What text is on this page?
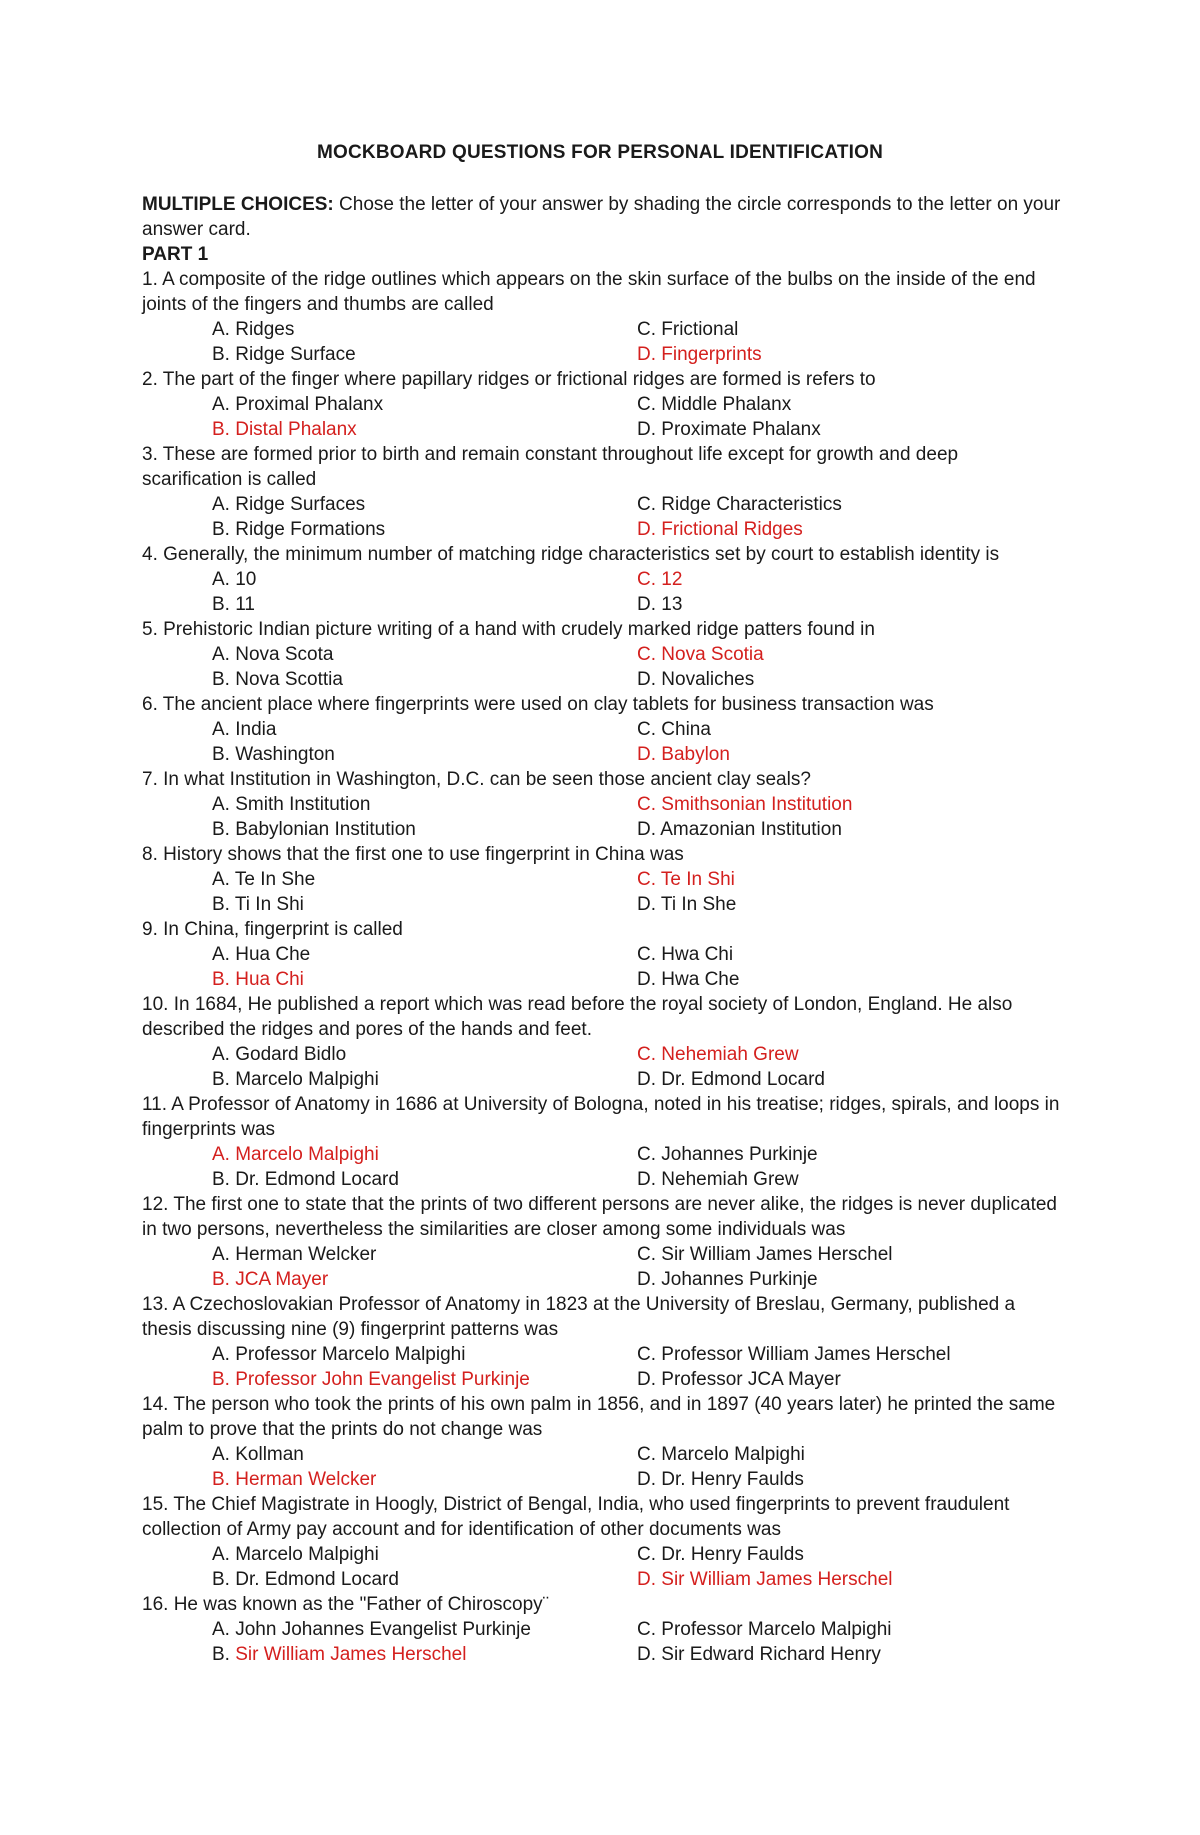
MOCKBOARD QUESTIONS FOR PERSONAL IDENTIFICATION

MULTIPLE CHOICES: Chose the letter of your answer by shading the circle corresponds to the letter on your answer card.

PART 1

1. A composite of the ridge outlines which appears on the skin surface of the bulbs on the inside of the end joints of the fingers and thumbs are called

A. Ridges	C. Frictional
B. Ridge Surface	D. Fingerprints

2. The part of the finger where papillary ridges or frictional ridges are formed is refers to

A. Proximal Phalanx	C. Middle Phalanx
B. Distal Phalanx	D. Proximate Phalanx

3. These are formed prior to birth and remain constant throughout life except for growth and deep scarification is called

A. Ridge Surfaces	C. Ridge Characteristics
B. Ridge Formations	D. Frictional Ridges

4. Generally, the minimum number of matching ridge characteristics set by court to establish identity is

A. 10	C. 12
B. 11	D. 13

5. Prehistoric Indian picture writing of a hand with crudely marked ridge patters found in

A. Nova Scota	C. Nova Scotia
B. Nova Scottia	D. Novaliches

6. The ancient place where fingerprints were used on clay tablets for business transaction was

A. India	C. China
B. Washington	D. Babylon

7. In what Institution in Washington, D.C. can be seen those ancient clay seals?

A. Smith Institution	C. Smithsonian Institution
B. Babylonian Institution	D. Amazonian Institution

8. History shows that the first one to use fingerprint in China was

A. Te In She	C. Te In Shi
B. Ti In Shi	D. Ti In She

9. In China, fingerprint is called

A. Hua Che	C. Hwa Chi
B. Hua Chi	D. Hwa Che

10. In 1684, He published a report which was read before the royal society of London, England. He also described the ridges and pores of the hands and feet.

A. Godard Bidlo	C. Nehemiah Grew
B. Marcelo Malpighi	D. Dr. Edmond Locard

11. A Professor of Anatomy in 1686 at University of Bologna, noted in his treatise; ridges, spirals, and loops in fingerprints was

A. Marcelo Malpighi	C. Johannes Purkinje
B. Dr. Edmond Locard	D. Nehemiah Grew

12. The first one to state that the prints of two different persons are never alike, the ridges is never duplicated in two persons, nevertheless the similarities are closer among some individuals was

A. Herman Welcker	C. Sir William James Herschel
B. JCA Mayer	D. Johannes Purkinje

13. A Czechoslovakian Professor of Anatomy in 1823 at the University of Breslau, Germany, published a thesis discussing nine (9) fingerprint patterns was

A. Professor Marcelo Malpighi	C. Professor William James Herschel
B. Professor John Evangelist Purkinje	D. Professor JCA Mayer

14. The person who took the prints of his own palm in 1856, and in 1897 (40 years later) he printed the same palm to prove that the prints do not change was

A. Kollman	C. Marcelo Malpighi
B. Herman Welcker	D. Dr. Henry Faulds

15. The Chief Magistrate in Hoogly, District of Bengal, India, who used fingerprints to prevent fraudulent collection of Army pay account and for identification of other documents was

A. Marcelo Malpighi	C. Dr. Henry Faulds
B. Dr. Edmond Locard	D. Sir William James Herschel

16. He was known as the "Father of Chiroscopy¨

A. John Johannes Evangelist Purkinje	C. Professor Marcelo Malpighi
B. Sir William James Herschel	D. Sir Edward Richard Henry
